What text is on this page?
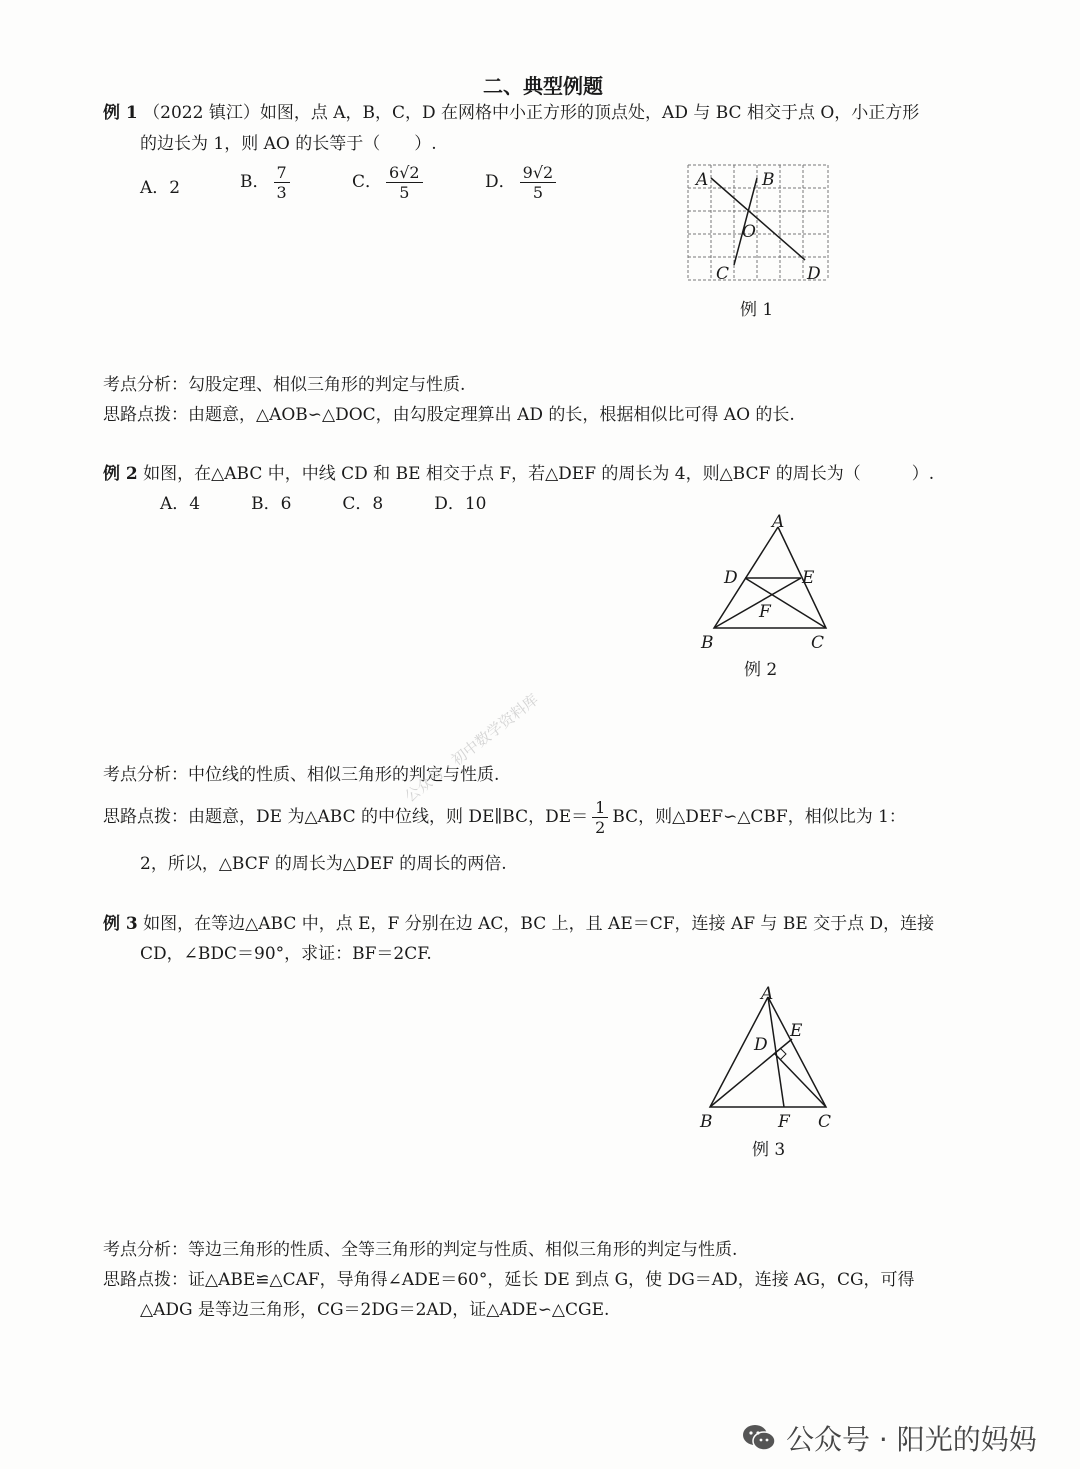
二、典型例题
例 1 （2022 镇江）如图，点 A，B，C，D 在网格中小正方形的顶点处，AD 与 BC 相交于点 O，小正方形
的边长为 1，则 AO 的长等于（　　）.
A．2	B． $\frac{7}{3}$	C． $\frac{6√2}{5}$	D． $\frac{9√2}{5}$	A	B
C	D
O
例 1
考点分析：勾股定理、相似三角形的判定与性质.
思路点拨：由题意，△AOB∽△DOC，由勾股定理算出 AD 的长，根据相似比可得 AO 的长.
例 2 如图，在△ABC 中，中线 CD 和 BE 相交于点 F，若△DEF 的周长为 4，则△BCF 的周长为（　　　）.
A．4　　　B．6　　　C．8　　　D．10
A
D	E
F
B	C
例 2
考点分析：中位线的性质、相似三角形的判定与性质.
思路点拨：由题意，DE 为△ABC 的中位线，则 DE∥BC，$DE= \frac{1}{2}$ BC，则△DEF∽△CBF，相似比为 1：
2，所以，△BCF 的周长为△DEF 的周长的两倍.
例 3 如图，在等边△ABC 中，点 E，F 分别在边 AC，BC 上，且 AE＝CF，连接 AF 与 BE 交于点 D，连接
CD，∠BDC＝90°，求证：BF＝2CF.
A
D
E
B	F C
例 3
考点分析：等边三角形的性质、全等三角形的判定与性质、相似三角形的判定与性质.
思路点拨：证△ABE≌△CAF，导角得∠ADE＝60°，延长 DE 到点 G，使 DG＝AD，连接 AG，CG，可得
△ADG 是等边三角形，CG＝2DG＝2AD，证△ADE∽△CGE.
公众号 · 初中数学资料库
公众号 · 阳光的妈妈
